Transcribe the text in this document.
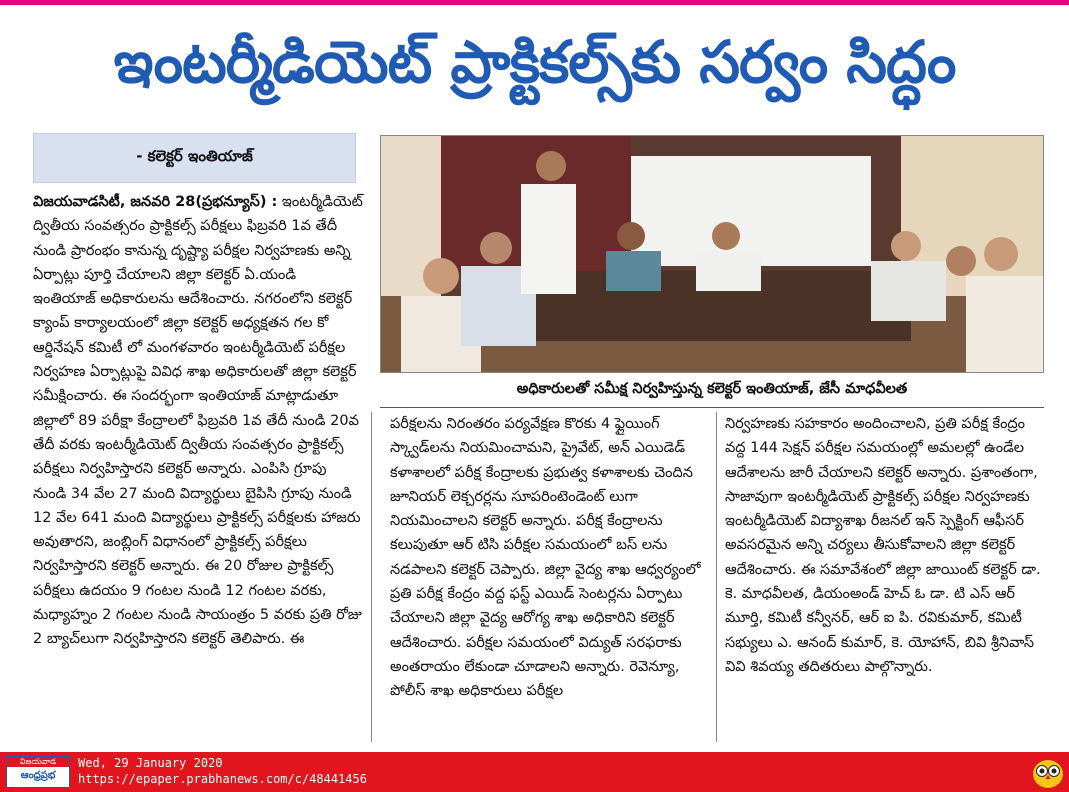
ఇంటర్మీడియెట్ ప్రాక్టికల్స్‌కు సర్వం సిద్ధం
- కలెక్టర్ ఇంతియాజ్

విజయవాడసిటీ, జనవరి 28(ప్రభన్యూస్) : ఇంటర్మీడియెట్ ద్వితీయ సంవత్సరం ప్రాక్టికల్స్ పరీక్షలు ఫిబ్రవరి 1వ తేదీ నుండి ప్రారంభం కానున్న దృష్ట్యా పరీక్షల నిర్వహణకు అన్ని ఏర్పాట్లు పూర్తి చేయాలని జిల్లా కలెక్టర్ ఏ.యండి ఇంతియాజ్ అధికారులను ఆదేశించారు. నగరంలోని కలెక్టర్ క్యాంప్ కార్యాలయంలో జిల్లా కలెక్టర్ అధ్యక్షతన గల కో ఆర్డినేషన్ కమిటీ లో మంగళవారం ఇంటర్మీడియెట్ పరీక్షల నిర్వహణ ఏర్పాట్లుపై వివిధ శాఖ అధికారులతో జిల్లా కలెక్టర్ సమీక్షించారు. ఈ సందర్భంగా ఇంతియాజ్ మాట్లాడుతూ జిల్లాలో 89 పరీక్షా కేంద్రాలలో ఫిబ్రవరి 1వ తేదీ నుండి 20వ తేదీ వరకు ఇంటర్మీడియెట్ ద్వితీయ సంవత్సరం ప్రాక్టికల్స్ పరీక్షలు నిర్వహిస్తారని కలెక్టర్ అన్నారు. ఎంపిసి గ్రూపు నుండి 34 వేల 27 మంది విద్యార్థులు బైపిసి గ్రూపు నుండి 12 వేల 641 మంది విద్యార్థులు ప్రాక్టికల్స్ పరీక్షలకు హాజరు అవుతారని, జంబ్లింగ్ విధానంలో ప్రాక్టికల్స్ పరీక్షలు నిర్వహిస్తారని కలెక్టర్ అన్నారు. ఈ 20 రోజుల ప్రాక్టికల్స్ పరీక్షలు ఉదయం 9 గంటల నుండి 12 గంటల వరకు, మధ్యాహ్నం 2 గంటల నుండి సాయంత్రం 5 వరకు ప్రతి రోజు 2 బ్యాచ్‌లుగా నిర్వహిస్తారని కలెక్టర్ తెలిపారు. ఈ

అధికారులతో సమీక్ష నిర్వహిస్తున్న కలెక్టర్ ఇంతియాజ్, జేసీ మాధవీలత

పరీక్షలను నిరంతరం పర్యవేక్షణ కొరకు 4 ఫ్లైయింగ్ స్క్వాడ్‌లను నియమించామని, ప్రైవేట్, అన్ ఎయిడెడ్ కళాశాలలో పరీక్ష కేంద్రాలకు ప్రభుత్వ కళాశాలకు చెందిన జూనియర్ లెక్చరర్లను సూపరింటెండెంట్ లుగా నియమించాలని కలెక్టర్ అన్నారు. పరీక్ష కేంద్రాలను కలుపుతూ ఆర్ టిసి పరీక్షల సమయంలో బస్ లను నడపాలని కలెక్టర్ చెప్పారు. జిల్లా వైద్య శాఖ ఆధ్వర్యంలో ప్రతి పరీక్ష కేంద్రం వద్ద ఫస్ట్ ఎయిడ్ సెంటర్లను ఏర్పాటు చేయాలని జిల్లా వైద్య ఆరోగ్య శాఖ అధికారిని కలెక్టర్ ఆదేశించారు. పరీక్షల సమయంలో విద్యుత్ సరఫరాకు అంతరాయం లేకుండా చూడాలని అన్నారు. రెవెన్యూ, పోలీస్ శాఖ అధికారులు పరీక్షల

నిర్వహణకు సహకారం అందించాలని, ప్రతి పరీక్ష కేంద్రం వద్ద 144 సెక్షన్ పరీక్షల సమయంల్లో అమలల్లో ఉండేల ఆదేశాలను జారీ చేయాలని కలెక్టర్ అన్నారు. ప్రశాంతంగా, సాజావుగా ఇంటర్మీడియెట్ ప్రాక్టికల్స్ పరీక్షల నిర్వహణకు ఇంటర్మీడియెట్ విద్యాశాఖ రీజనల్ ఇన్ స్పెక్టింగ్ ఆఫీసర్ అవసరమైన అన్ని చర్యలు తీసుకోవాలని జిల్లా కలెక్టర్ ఆదేశించారు. ఈ సమావేశంలో జిల్లా జాయింట్ కలెక్టర్ డా. కె. మాధవీలత, డియంఅండ్ హెచ్ ఓ డా. టి ఎస్ ఆర్ మూర్తి, కమిటీ కన్వీనర్, ఆర్ ఐ పి. రవికుమార్, కమిటీ సభ్యులు ఎ. ఆనంద్ కుమార్, కె. యోహాన్, బివి శ్రీనివాస్ వివి శివయ్య తదితరులు పాల్గొన్నారు.

విజయవాడ
ఆంధ్రప్రభ
Wed, 29 January 2020
https://epaper.prabhanews.com/c/48441456
